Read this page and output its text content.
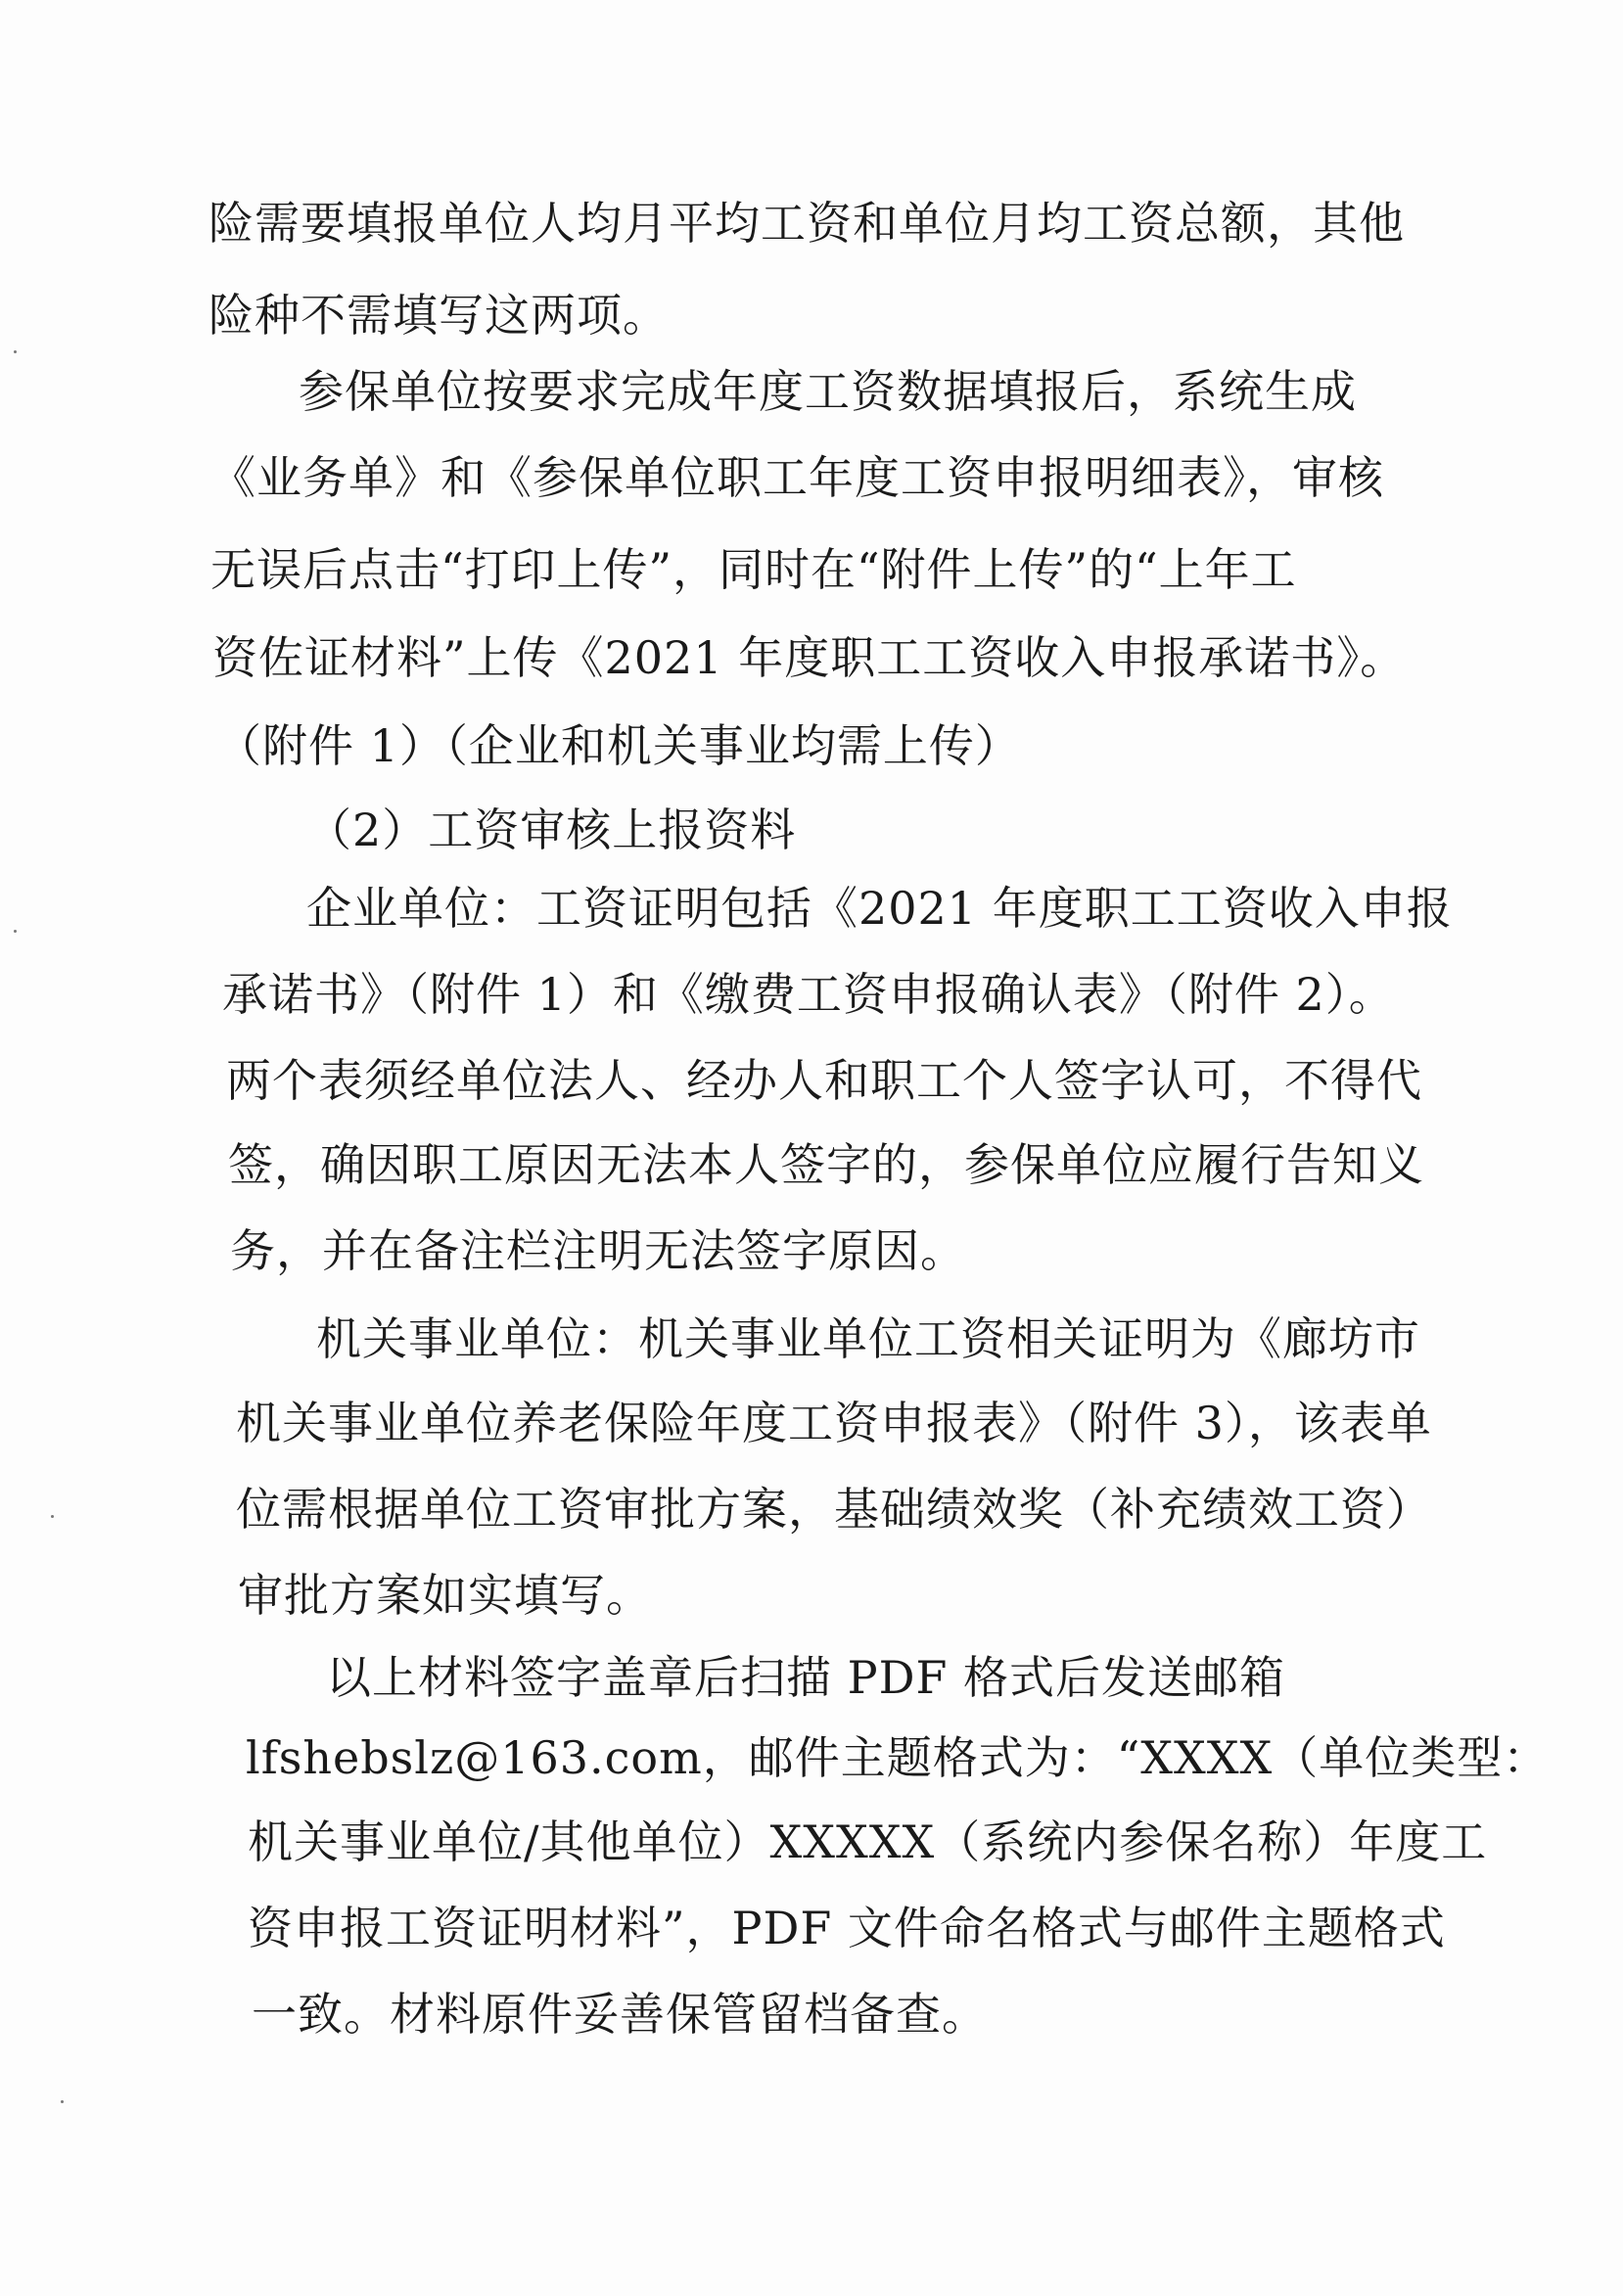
险需要填报单位人均月平均工资和单位月均工资总额，其他
险种不需填写这两项。
参保单位按要求完成年度工资数据填报后，系统生成
《业务单》和《参保单位职工年度工资申报明细表》，审核
无误后点击“打印上传”，同时在“附件上传”的“上年工
资佐证材料”上传《2021 年度职工工资收入申报承诺书》。
（附件 1）（企业和机关事业均需上传）
（2）工资审核上报资料
企业单位：工资证明包括《2021 年度职工工资收入申报
承诺书》（附件 1）和《缴费工资申报确认表》（附件 2）。
两个表须经单位法人、经办人和职工个人签字认可，不得代
签，确因职工原因无法本人签字的，参保单位应履行告知义
务，并在备注栏注明无法签字原因。
机关事业单位：机关事业单位工资相关证明为《廊坊市
机关事业单位养老保险年度工资申报表》（附件 3），该表单
位需根据单位工资审批方案，基础绩效奖（补充绩效工资）
审批方案如实填写。
以上材料签字盖章后扫描 PDF 格式后发送邮箱
lfshebslz@163.com，邮件主题格式为：“XXXX（单位类型：
机关事业单位/其他单位）XXXXX（系统内参保名称）年度工
资申报工资证明材料”，PDF 文件命名格式与邮件主题格式
一致。材料原件妥善保管留档备查。
